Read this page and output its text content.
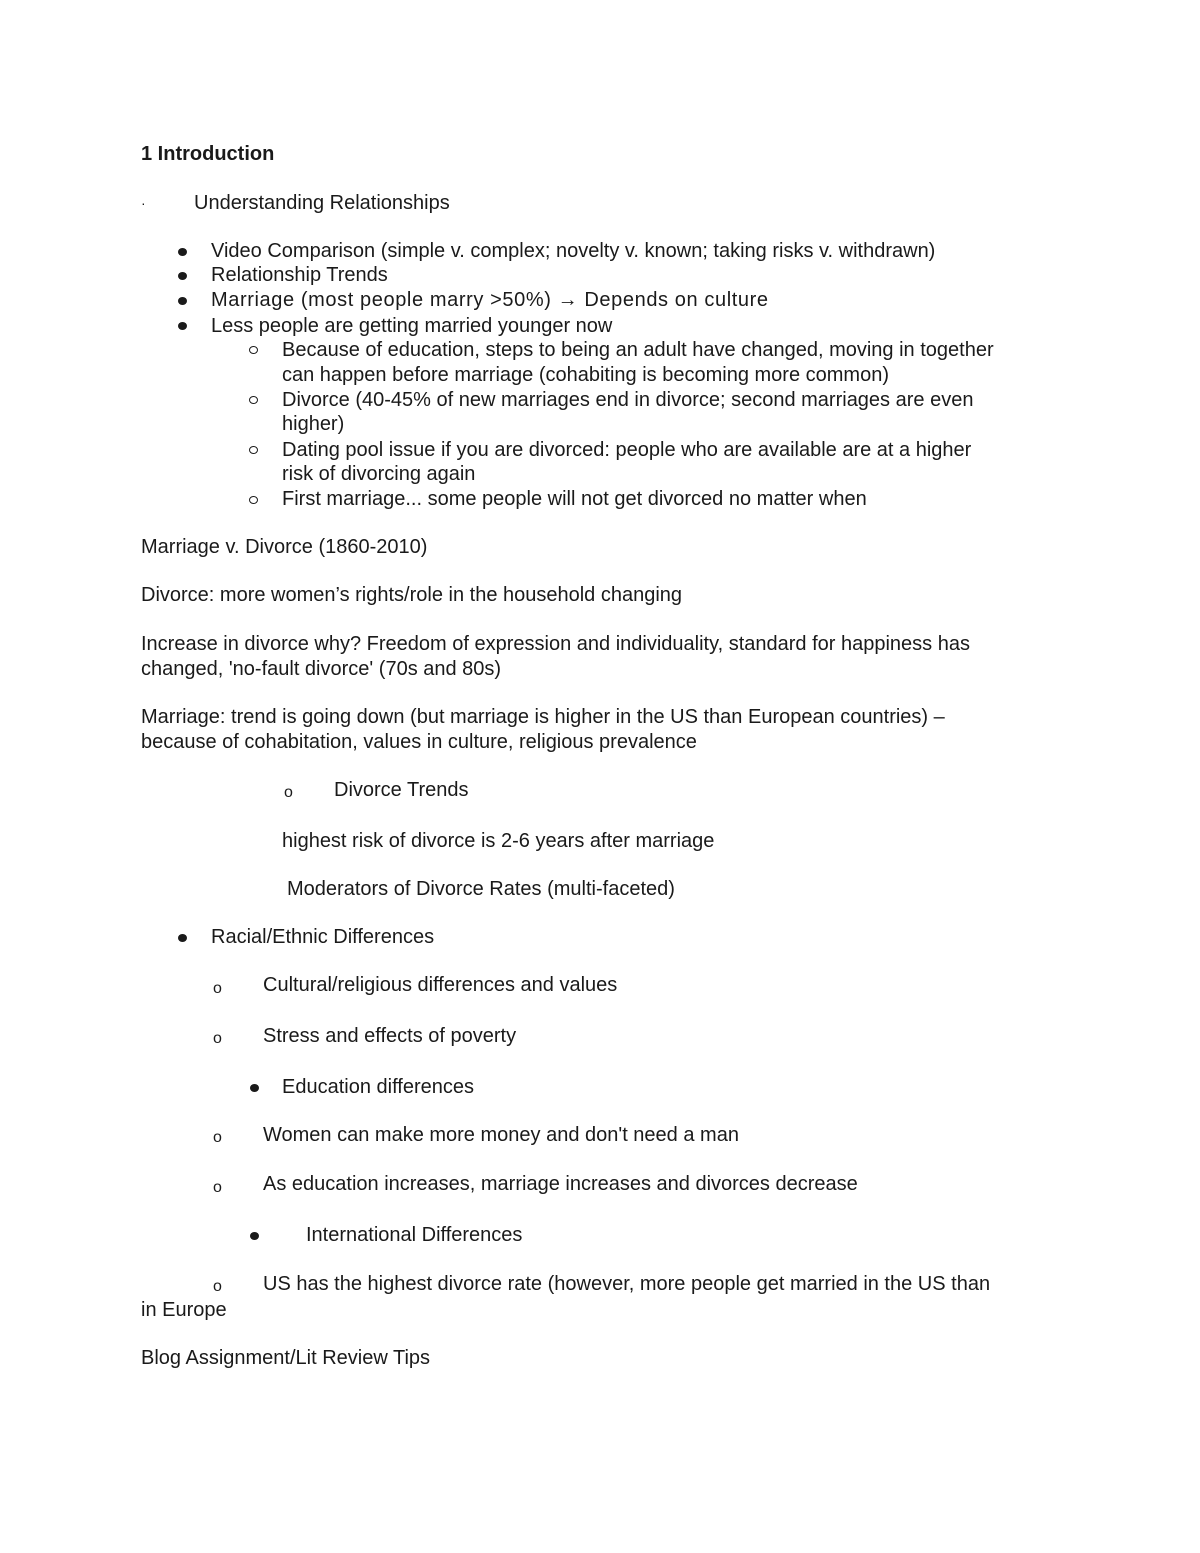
1 Introduction
· Understanding Relationships
Video Comparison (simple v. complex; novelty v. known; taking risks v. withdrawn)
Relationship Trends
Marriage (most people marry >50%) → Depends on culture
Less people are getting married younger now
Because of education, steps to being an adult have changed, moving in together
can happen before marriage (cohabiting is becoming more common)
Divorce (40-45% of new marriages end in divorce; second marriages are even
higher)
Dating pool issue if you are divorced: people who are available are at a higher
risk of divorcing again
First marriage... some people will not get divorced no matter when
Marriage v. Divorce (1860-2010)
Divorce: more women’s rights/role in the household changing
Increase in divorce why? Freedom of expression and individuality, standard for happiness has
changed, 'no-fault divorce' (70s and 80s)
Marriage: trend is going down (but marriage is higher in the US than European countries) –
because of cohabitation, values in culture, religious prevalence
o Divorce Trends
highest risk of divorce is 2-6 years after marriage
Moderators of Divorce Rates (multi-faceted)
Racial/Ethnic Differences
o Cultural/religious differences and values
o Stress and effects of poverty
Education differences
o Women can make more money and don't need a man
o As education increases, marriage increases and divorces decrease
International Differences
o US has the highest divorce rate (however, more people get married in the US than
in Europe
Blog Assignment/Lit Review Tips
